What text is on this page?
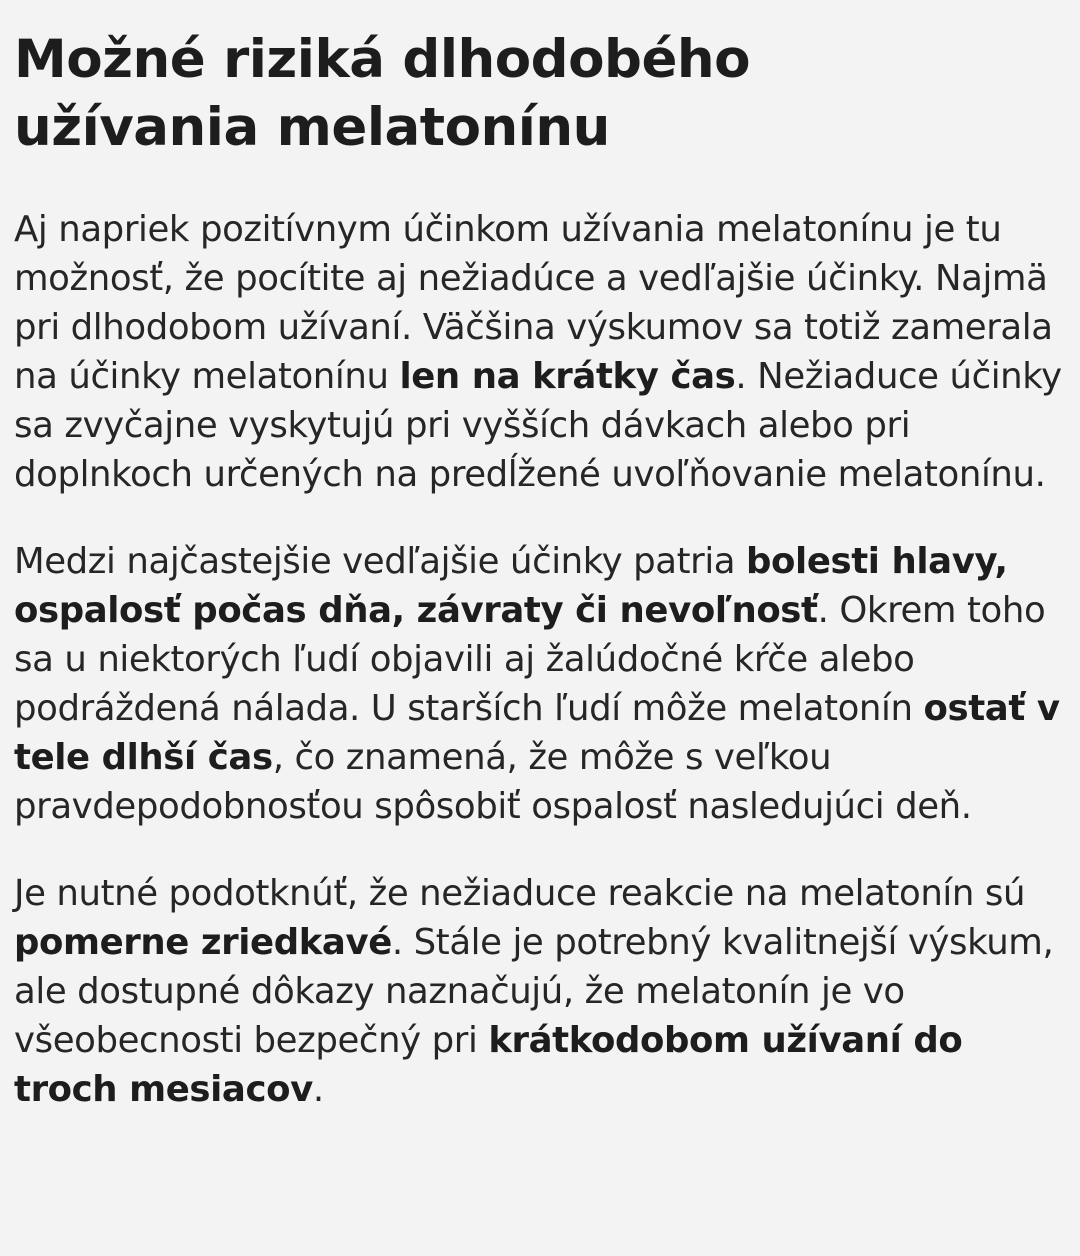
Možné riziká dlhodobého
užívania melatonínu

Aj napriek pozitívnym účinkom užívania melatonínu je tu možnosť, že pocítite aj nežiadúce a vedľajšie účinky. Najmä pri dlhodobom užívaní. Väčšina výskumov sa totiž zamerala na účinky melatonínu len na krátky čas. Nežiaduce účinky sa zvyčajne vyskytujú pri vyšších dávkach alebo pri doplnkoch určených na predĺžené uvoľňovanie melatonínu.

Medzi najčastejšie vedľajšie účinky patria bolesti hlavy, ospalosť počas dňa, závraty či nevoľnosť. Okrem toho sa u niektorých ľudí objavili aj žalúdočné kŕče alebo podráždená nálada. U starších ľudí môže melatonín ostať v tele dlhší čas, čo znamená, že môže s veľkou pravdepodobnosťou spôsobiť ospalosť nasledujúci deň.

Je nutné podotknúť, že nežiaduce reakcie na melatonín sú pomerne zriedkavé. Stále je potrebný kvalitnejší výskum, ale dostupné dôkazy naznačujú, že melatonín je vo všeobecnosti bezpečný pri krátkodobom užívaní do troch mesiacov.
